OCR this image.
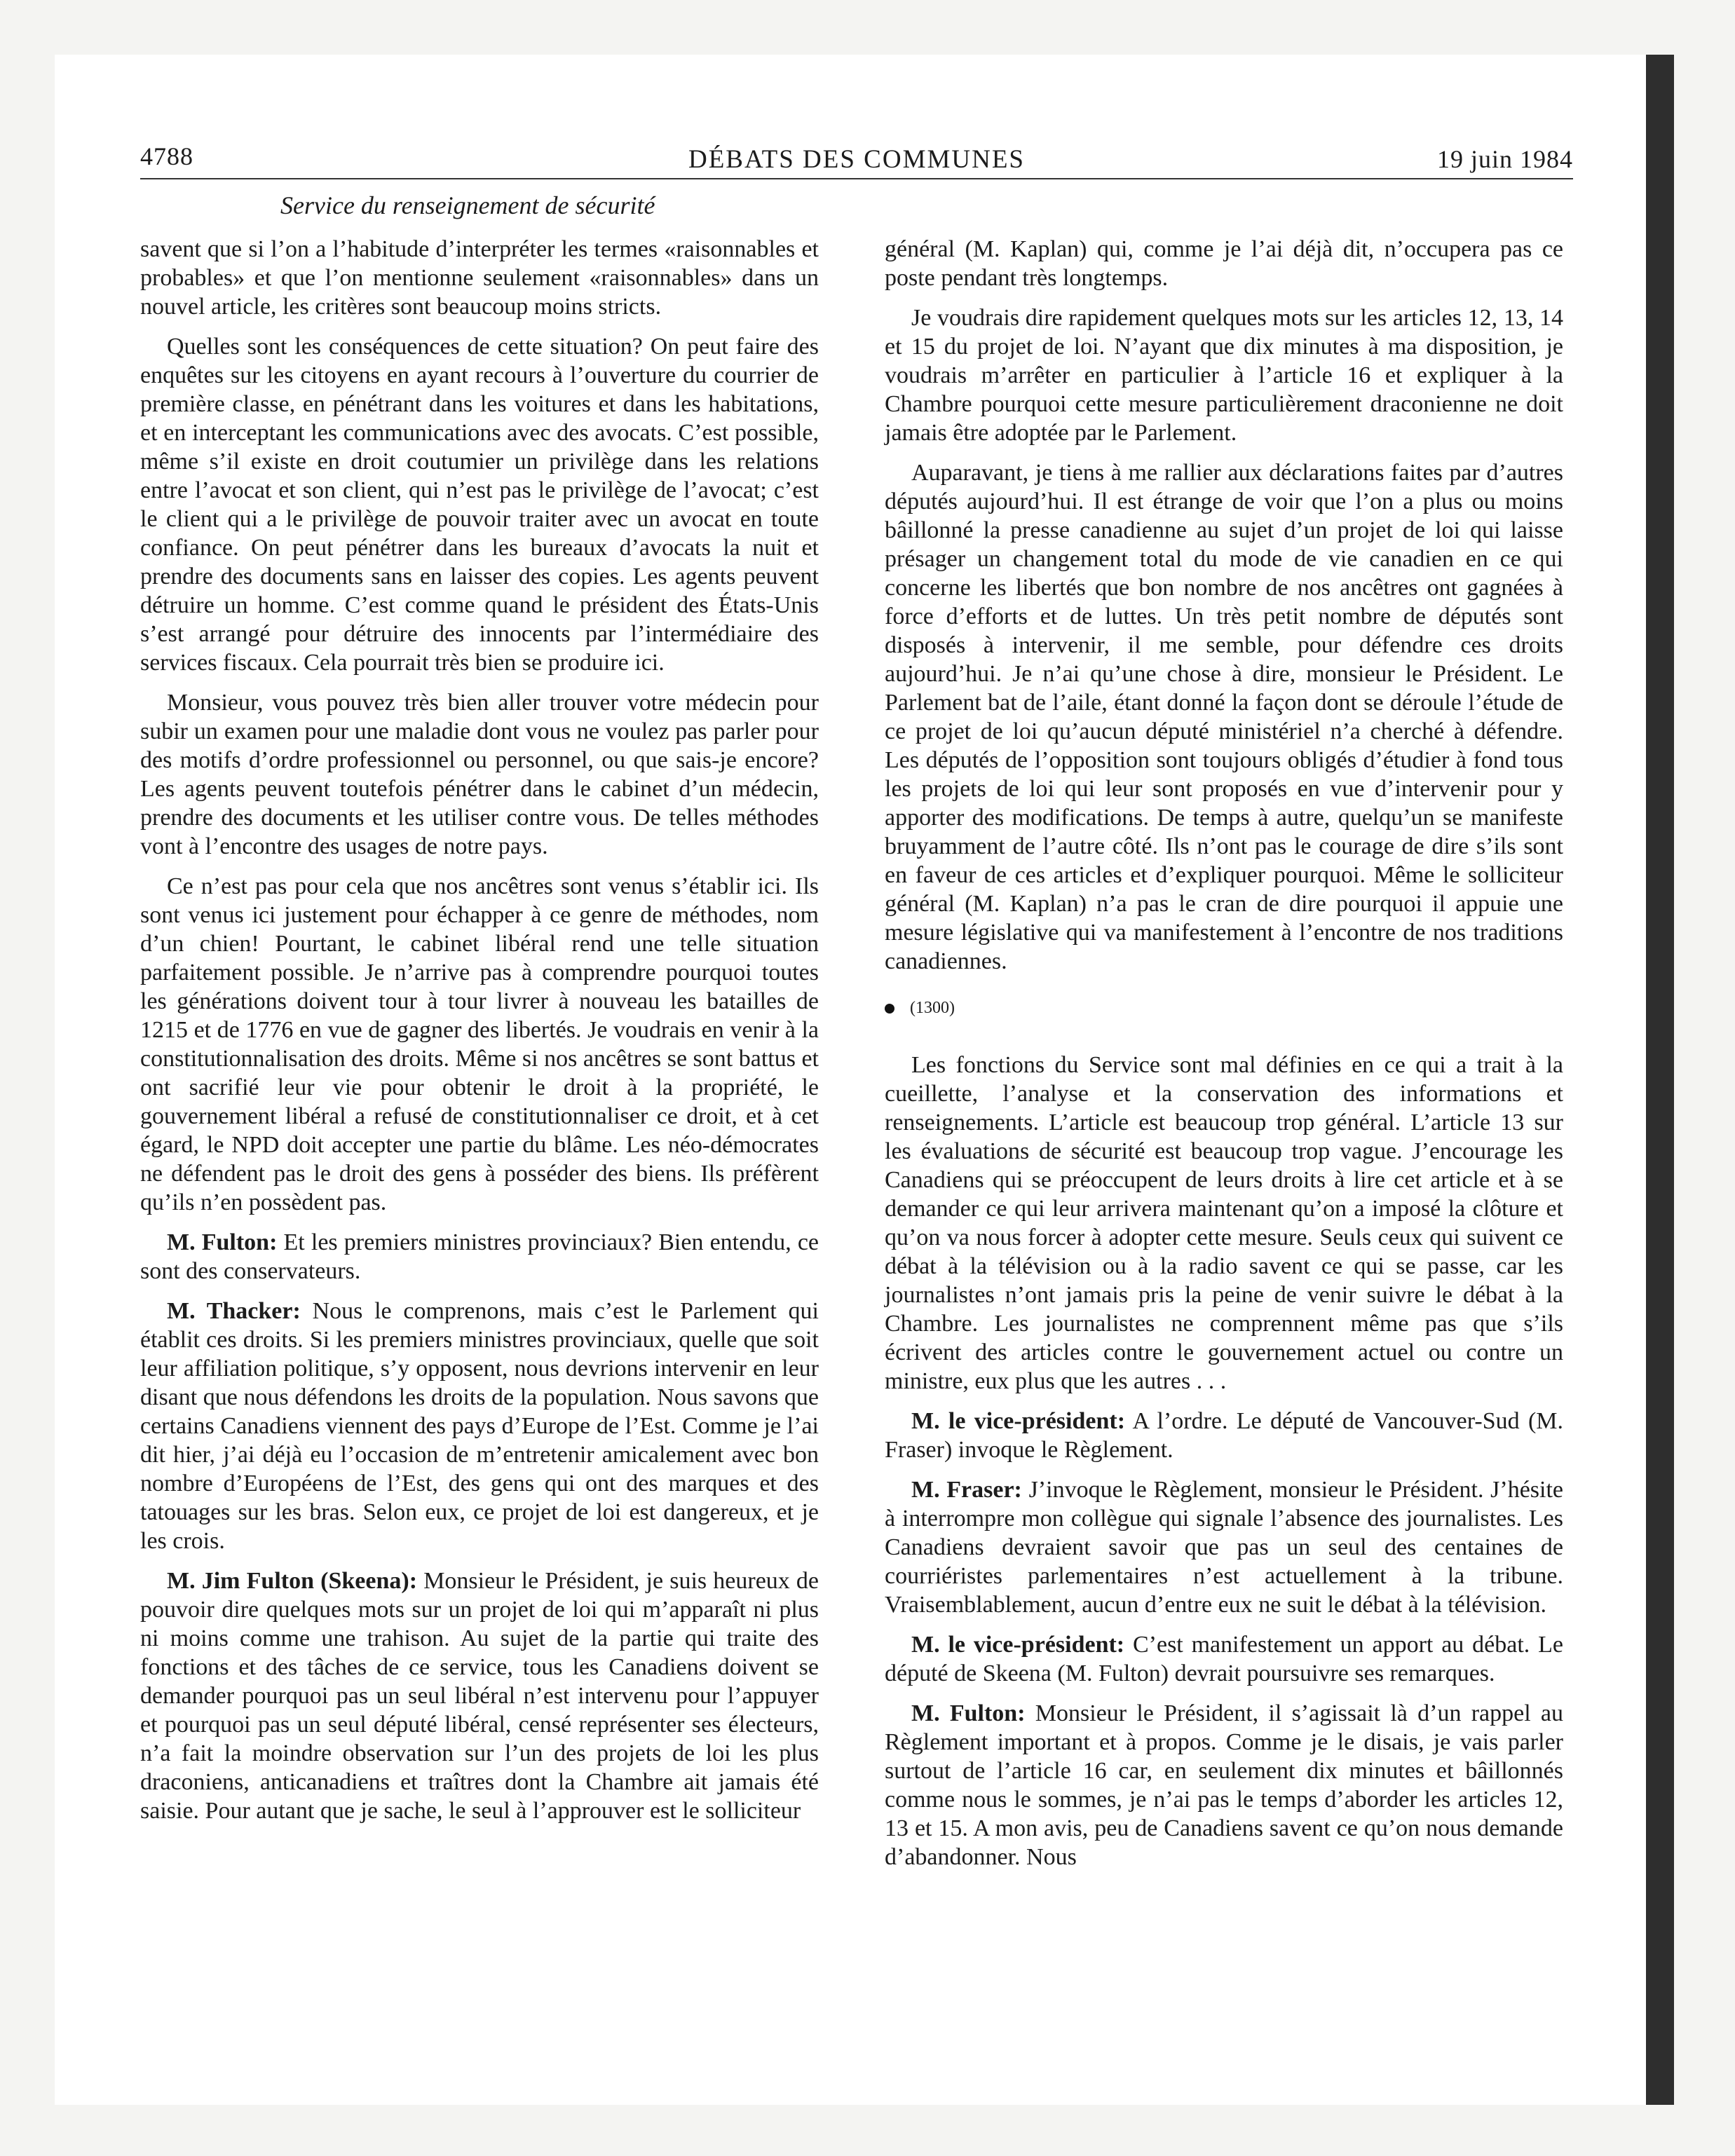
4788	DÉBATS DES COMMUNES	19 juin 1984
Service du renseignement de sécurité

savent que si l’on a l’habitude d’interpréter les termes «raisonnables et probables» et que l’on mentionne seulement «raisonnables» dans un nouvel article, les critères sont beaucoup moins stricts.

Quelles sont les conséquences de cette situation? On peut faire des enquêtes sur les citoyens en ayant recours à l’ouverture du courrier de première classe, en pénétrant dans les voitures et dans les habitations, et en interceptant les communications avec des avocats. C’est possible, même s’il existe en droit coutumier un privilège dans les relations entre l’avocat et son client, qui n’est pas le privilège de l’avocat; c’est le client qui a le privilège de pouvoir traiter avec un avocat en toute confiance. On peut pénétrer dans les bureaux d’avocats la nuit et prendre des documents sans en laisser des copies. Les agents peuvent détruire un homme. C’est comme quand le président des États-Unis s’est arrangé pour détruire des innocents par l’intermédiaire des services fiscaux. Cela pourrait très bien se produire ici.

Monsieur, vous pouvez très bien aller trouver votre médecin pour subir un examen pour une maladie dont vous ne voulez pas parler pour des motifs d’ordre professionnel ou personnel, ou que sais-je encore? Les agents peuvent toutefois pénétrer dans le cabinet d’un médecin, prendre des documents et les utiliser contre vous. De telles méthodes vont à l’encontre des usages de notre pays.

Ce n’est pas pour cela que nos ancêtres sont venus s’établir ici. Ils sont venus ici justement pour échapper à ce genre de méthodes, nom d’un chien! Pourtant, le cabinet libéral rend une telle situation parfaitement possible. Je n’arrive pas à comprendre pourquoi toutes les générations doivent tour à tour livrer à nouveau les batailles de 1215 et de 1776 en vue de gagner des libertés. Je voudrais en venir à la constitutionnalisation des droits. Même si nos ancêtres se sont battus et ont sacrifié leur vie pour obtenir le droit à la propriété, le gouvernement libéral a refusé de constitutionnaliser ce droit, et à cet égard, le NPD doit accepter une partie du blâme. Les néo-démocrates ne défendent pas le droit des gens à posséder des biens. Ils préfèrent qu’ils n’en possèdent pas.

M. Fulton: Et les premiers ministres provinciaux? Bien entendu, ce sont des conservateurs.

M. Thacker: Nous le comprenons, mais c’est le Parlement qui établit ces droits. Si les premiers ministres provinciaux, quelle que soit leur affiliation politique, s’y opposent, nous devrions intervenir en leur disant que nous défendons les droits de la population. Nous savons que certains Canadiens viennent des pays d’Europe de l’Est. Comme je l’ai dit hier, j’ai déjà eu l’occasion de m’entretenir amicalement avec bon nombre d’Européens de l’Est, des gens qui ont des marques et des tatouages sur les bras. Selon eux, ce projet de loi est dangereux, et je les crois.

M. Jim Fulton (Skeena): Monsieur le Président, je suis heureux de pouvoir dire quelques mots sur un projet de loi qui m’apparaît ni plus ni moins comme une trahison. Au sujet de la partie qui traite des fonctions et des tâches de ce service, tous les Canadiens doivent se demander pourquoi pas un seul libéral n’est intervenu pour l’appuyer et pourquoi pas un seul député libéral, censé représenter ses électeurs, n’a fait la moindre observation sur l’un des projets de loi les plus draconiens, anticanadiens et traîtres dont la Chambre ait jamais été saisie. Pour autant que je sache, le seul à l’approuver est le solliciteur

général (M. Kaplan) qui, comme je l’ai déjà dit, n’occupera pas ce poste pendant très longtemps.

Je voudrais dire rapidement quelques mots sur les articles 12, 13, 14 et 15 du projet de loi. N’ayant que dix minutes à ma disposition, je voudrais m’arrêter en particulier à l’article 16 et expliquer à la Chambre pourquoi cette mesure particulièrement draconienne ne doit jamais être adoptée par le Parlement.

Auparavant, je tiens à me rallier aux déclarations faites par d’autres députés aujourd’hui. Il est étrange de voir que l’on a plus ou moins bâillonné la presse canadienne au sujet d’un projet de loi qui laisse présager un changement total du mode de vie canadien en ce qui concerne les libertés que bon nombre de nos ancêtres ont gagnées à force d’efforts et de luttes. Un très petit nombre de députés sont disposés à intervenir, il me semble, pour défendre ces droits aujourd’hui. Je n’ai qu’une chose à dire, monsieur le Président. Le Parlement bat de l’aile, étant donné la façon dont se déroule l’étude de ce projet de loi qu’aucun député ministériel n’a cherché à défendre. Les députés de l’opposition sont toujours obligés d’étudier à fond tous les projets de loi qui leur sont proposés en vue d’intervenir pour y apporter des modifications. De temps à autre, quelqu’un se manifeste bruyamment de l’autre côté. Ils n’ont pas le courage de dire s’ils sont en faveur de ces articles et d’expliquer pourquoi. Même le solliciteur général (M. Kaplan) n’a pas le cran de dire pourquoi il appuie une mesure législative qui va manifestement à l’encontre de nos traditions canadiennes.

(1300)

Les fonctions du Service sont mal définies en ce qui a trait à la cueillette, l’analyse et la conservation des informations et renseignements. L’article est beaucoup trop général. L’article 13 sur les évaluations de sécurité est beaucoup trop vague. J’encourage les Canadiens qui se préoccupent de leurs droits à lire cet article et à se demander ce qui leur arrivera maintenant qu’on a imposé la clôture et qu’on va nous forcer à adopter cette mesure. Seuls ceux qui suivent ce débat à la télévision ou à la radio savent ce qui se passe, car les journalistes n’ont jamais pris la peine de venir suivre le débat à la Chambre. Les journalistes ne comprennent même pas que s’ils écrivent des articles contre le gouvernement actuel ou contre un ministre, eux plus que les autres . . .

M. le vice-président: A l’ordre. Le député de Vancouver-Sud (M. Fraser) invoque le Règlement.

M. Fraser: J’invoque le Règlement, monsieur le Président. J’hésite à interrompre mon collègue qui signale l’absence des journalistes. Les Canadiens devraient savoir que pas un seul des centaines de courriéristes parlementaires n’est actuellement à la tribune. Vraisemblablement, aucun d’entre eux ne suit le débat à la télévision.

M. le vice-président: C’est manifestement un apport au débat. Le député de Skeena (M. Fulton) devrait poursuivre ses remarques.

M. Fulton: Monsieur le Président, il s’agissait là d’un rappel au Règlement important et à propos. Comme je le disais, je vais parler surtout de l’article 16 car, en seulement dix minutes et bâillonnés comme nous le sommes, je n’ai pas le temps d’aborder les articles 12, 13 et 15. A mon avis, peu de Canadiens savent ce qu’on nous demande d’abandonner. Nous
